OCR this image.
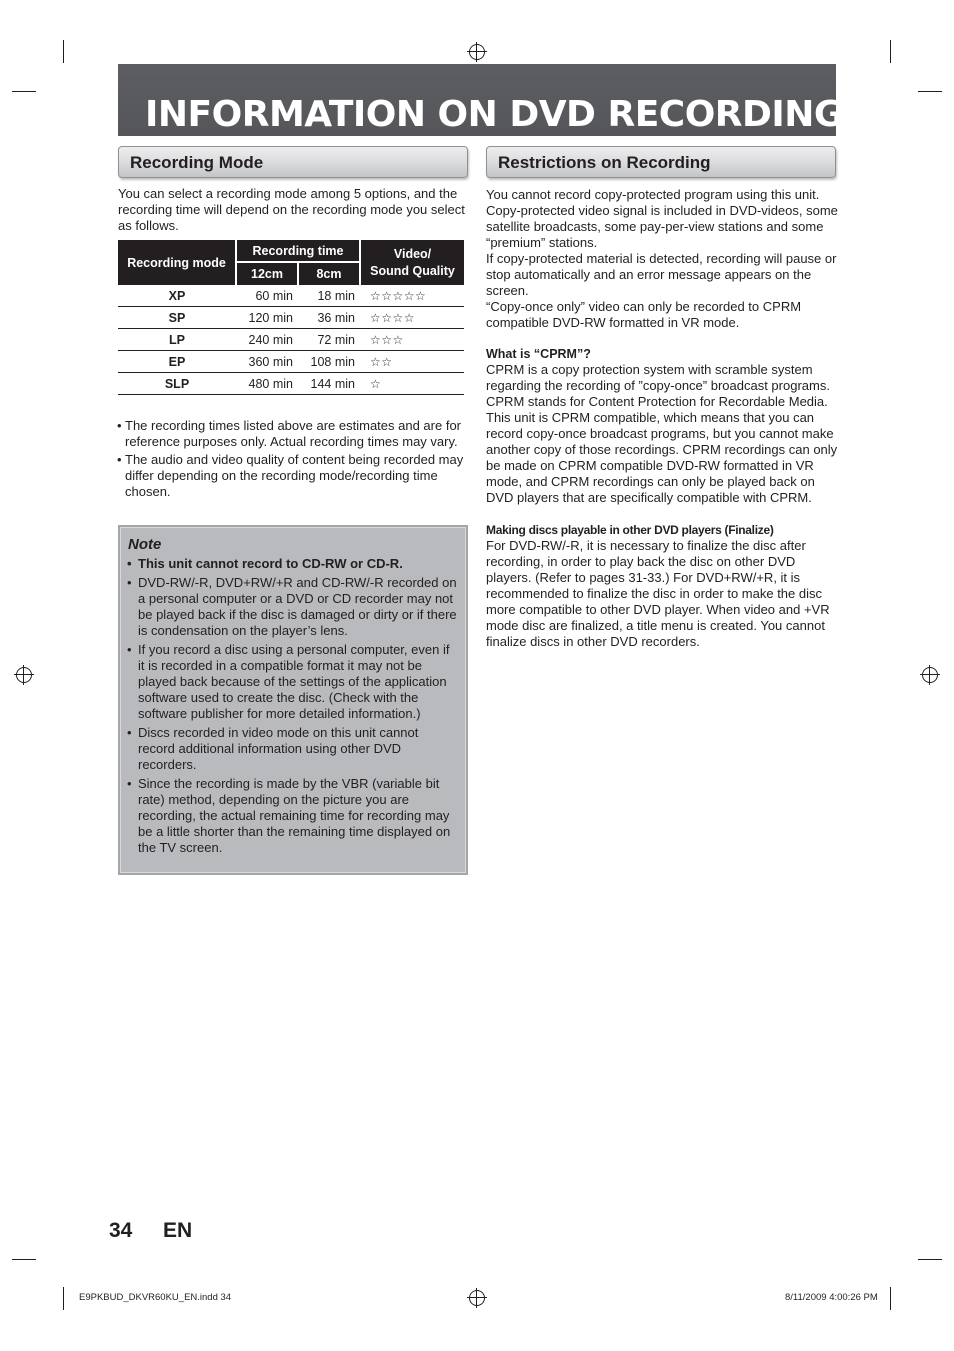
INFORMATION ON DVD RECORDING
Recording Mode

You can select a recording mode among 5 options, and the recording time will depend on the recording mode you select as follows.

Recording mode	Recording time		Video/
Sound Quality
	12cm	8cm	
XP	60 min	18 min	☆☆☆☆☆
SP	120 min	36 min	☆☆☆☆
LP	240 min	72 min	☆☆☆
EP	360 min	108 min	☆☆
SLP	480 min	144 min	☆
• The recording times listed above are estimates and are for reference purposes only. Actual recording times may vary.
• The audio and video quality of content being recorded may differ depending on the recording mode/recording time chosen.

Note

• This unit cannot record to CD-RW or CD-R.
• DVD-RW/-R, DVD+RW/+R and CD-RW/-R recorded on a personal computer or a DVD or CD recorder may not be played back if the disc is damaged or dirty or if there is condensation on the player’s lens.
• If you record a disc using a personal computer, even if it is recorded in a compatible format it may not be played back because of the settings of the application software used to create the disc. (Check with the software publisher for more detailed information.)
• Discs recorded in video mode on this unit cannot record additional information using other DVD recorders.
• Since the recording is made by the VBR (variable bit rate) method, depending on the picture you are recording, the actual remaining time for recording may be a little shorter than the remaining time displayed on the TV screen.
Restrictions on Recording

You cannot record copy-protected program using this unit. Copy-protected video signal is included in DVD-videos, some satellite broadcasts, some pay-per-view stations and some “premium” stations.

If copy-protected material is detected, recording will pause or stop automatically and an error message appears on the screen.

“Copy-once only” video can only be recorded to CPRM compatible DVD-RW formatted in VR mode.

What is “CPRM”?

CPRM is a copy protection system with scramble system regarding the recording of ”copy-once” broadcast programs. CPRM stands for Content Protection for Recordable Media.

This unit is CPRM compatible, which means that you can record copy-once broadcast programs, but you cannot make another copy of those recordings. CPRM recordings can only be made on CPRM compatible DVD-RW formatted in VR mode, and CPRM recordings can only be played back on DVD players that are specifically compatible with CPRM.

Making discs playable in other DVD players (Finalize)

For DVD-RW/-R, it is necessary to finalize the disc after recording, in order to play back the disc on other DVD players. (Refer to pages 31-33.) For DVD+RW/+R, it is recommended to finalize the disc in order to make the disc more compatible to other DVD player. When video and +VR mode disc are finalized, a title menu is created. You cannot finalize discs in other DVD recorders.

34 EN
E9PKBUD_DKVR60KU_EN.indd 34	8/11/2009 4:00:26 PM
